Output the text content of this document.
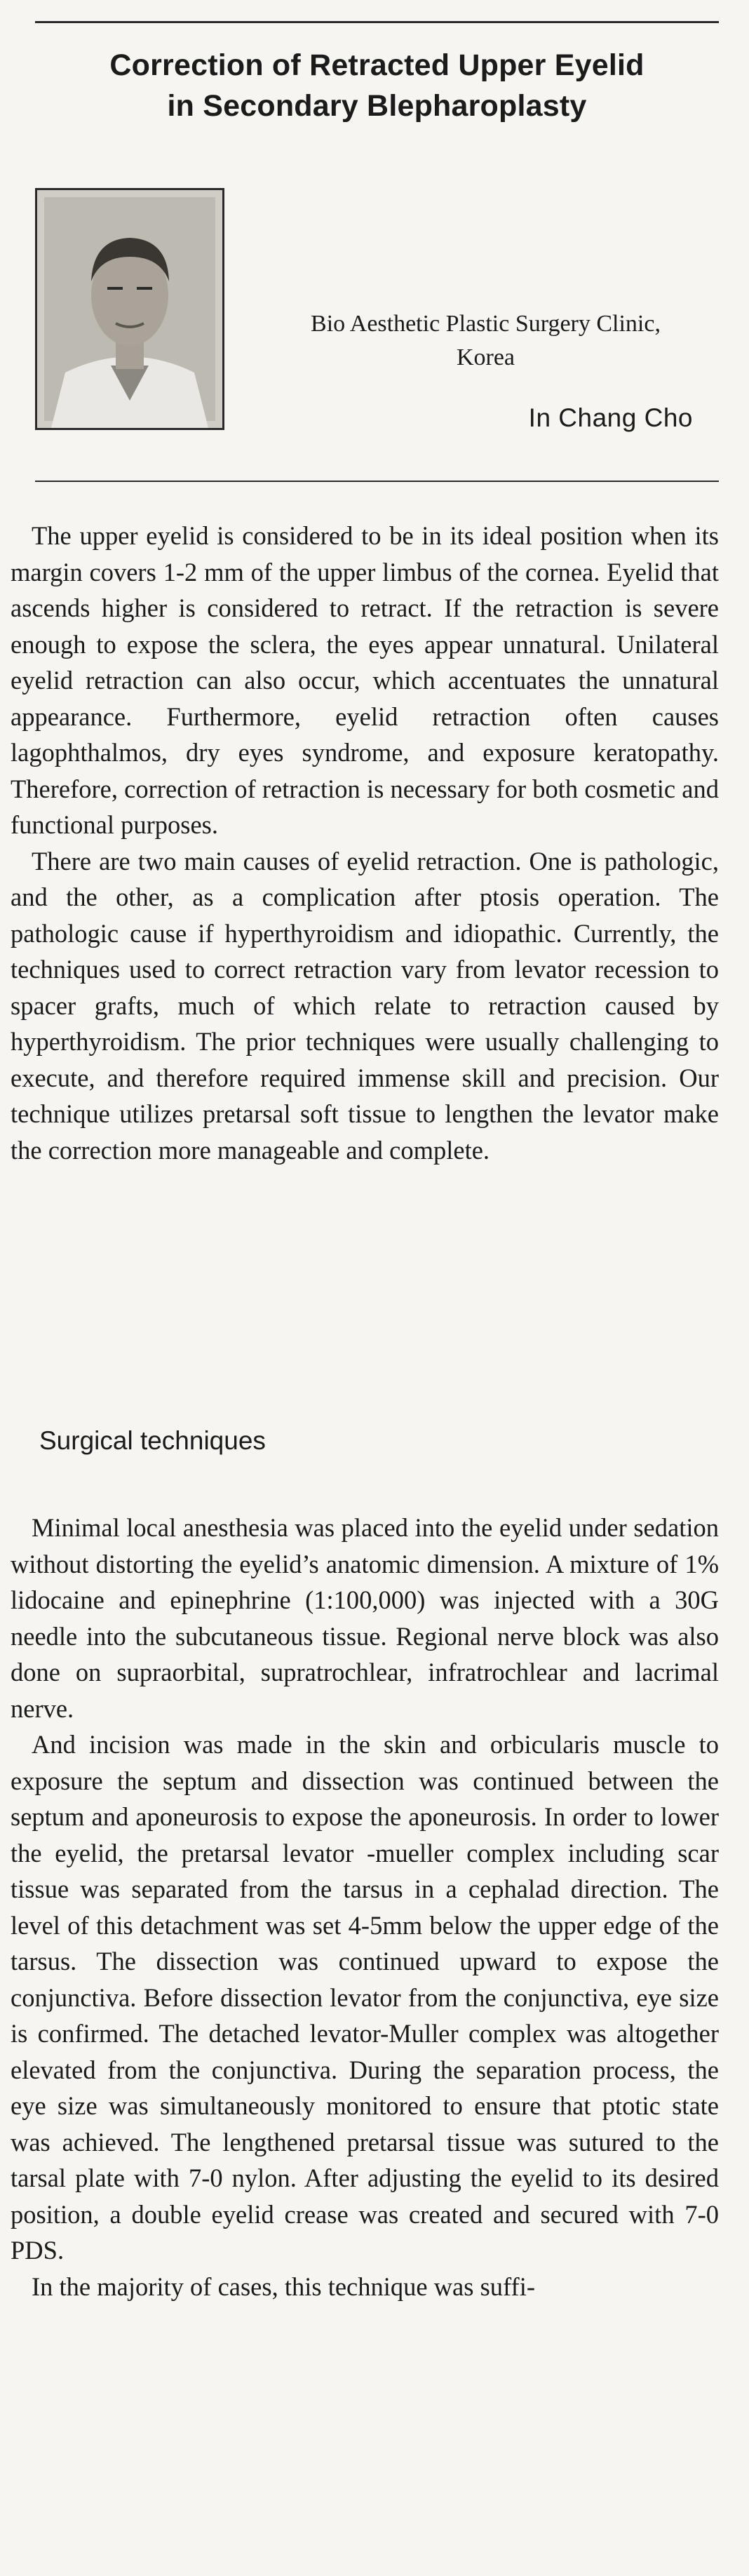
Correction of Retracted Upper Eyelid
in Secondary Blepharoplasty
Bio Aesthetic Plastic Surgery Clinic,
Korea
In Chang Cho

The upper eyelid is considered to be in its ideal position when its margin covers 1-2 mm of the upper limbus of the cornea. Eyelid that ascends higher is considered to retract. If the retraction is severe enough to expose the sclera, the eyes appear unnatural. Unilateral eyelid retraction can also occur, which accentuates the unnatural appearance. Furthermore, eyelid retraction often causes lagophthalmos, dry eyes syndrome, and exposure keratopathy. Therefore, correction of retraction is necessary for both cosmetic and functional purposes.

There are two main causes of eyelid retraction. One is pathologic, and the other, as a complication after ptosis operation. The pathologic cause if hyperthyroidism and idiopathic. Currently, the techniques used to correct retraction vary from levator recession to spacer grafts, much of which relate to retraction caused by hyperthyroidism. The prior techniques were usually challenging to execute, and therefore required immense skill and precision. Our technique utilizes pretarsal soft tissue to lengthen the levator make the correction more manageable and complete.

Surgical techniques

Minimal local anesthesia was placed into the eyelid under sedation without distorting the eyelid’s anatomic dimension. A mixture of 1% lidocaine and epinephrine (1:100,000) was injected with a 30G needle into the subcutaneous tissue. Regional nerve block was also done on supraorbital, supratrochlear, infratrochlear and lacrimal nerve.

And incision was made in the skin and orbicularis muscle to exposure the septum and dissection was continued between the septum and aponeurosis to expose the aponeurosis. In order to lower the eyelid, the pretarsal levator -mueller complex including scar tissue was separated from the tarsus in a cephalad direction. The level of this detachment was set 4-5mm below the upper edge of the tarsus. The dissection was continued upward to expose the conjunctiva. Before dissection levator from the conjunctiva, eye size is confirmed. The detached levator-Muller complex was altogether elevated from the conjunctiva. During the separation process, the eye size was simultaneously monitored to ensure that ptotic state was achieved. The lengthened pretarsal tissue was sutured to the tarsal plate with 7-0 nylon. After adjusting the eyelid to its desired position, a double eyelid crease was created and secured with 7-0 PDS.

In the majority of cases, this technique was suffi-
